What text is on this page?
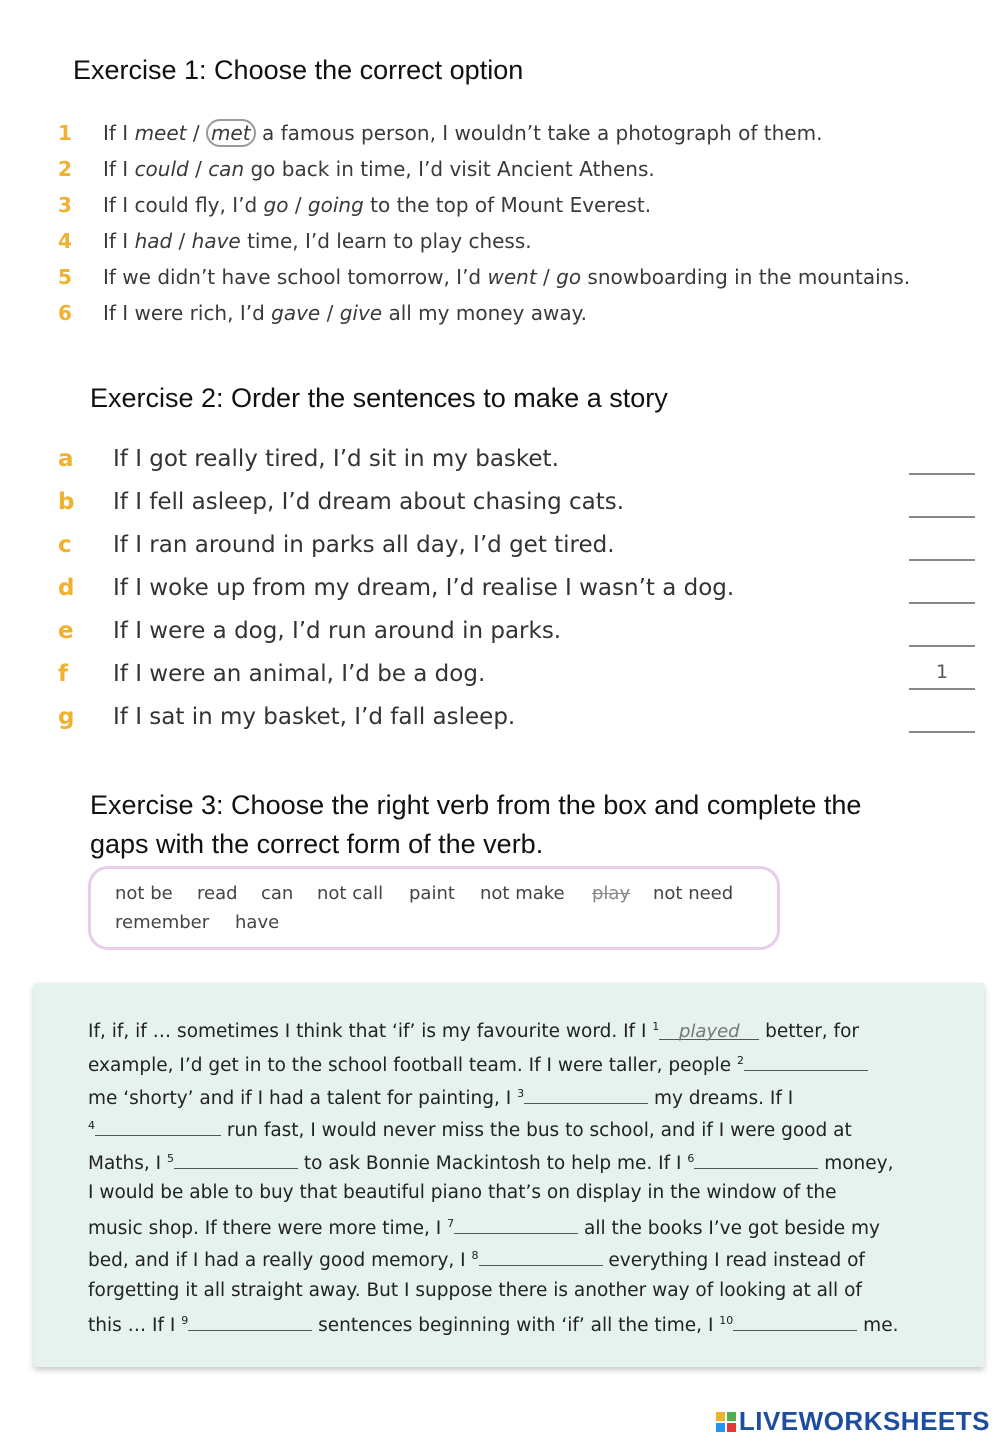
Exercise 1: Choose the correct option
1 If I meet / met a famous person, I wouldn’t take a photograph of them.
2 If I could / can go back in time, I’d visit Ancient Athens.
3 If I could fly, I’d go / going to the top of Mount Everest.
4 If I had / have time, I’d learn to play chess.
5 If we didn’t have school tomorrow, I’d went / go snowboarding in the mountains.
6 If I were rich, I’d gave / give all my money away.
Exercise 2: Order the sentences to make a story
a If I got really tired, I’d sit in my basket.
b If I fell asleep, I’d dream about chasing cats.
c If I ran around in parks all day, I’d get tired.
d If I woke up from my dream, I’d realise I wasn’t a dog.
e If I were a dog, I’d run around in parks.
f If I were an animal, I’d be a dog.	1
g If I sat in my basket, I’d fall asleep.
Exercise 3: Choose the right verb from the box and complete the
gaps with the correct form of the verb.
not be read can not call paint not make play not need
remember have
If, if, if … sometimes I think that ‘if’ is my favourite word. If I $^1$ played better, for
example, I’d get in to the school football team. If I were taller, people $^2$
me ‘shorty’ and if I had a talent for painting, I $^3$	my dreams. If I
$^4$	run fast, I would never miss the bus to school, and if I were good at
Maths, I $^5$	to ask Bonnie Mackintosh to help me. If I $^6$	money,
I would be able to buy that beautiful piano that’s on display in the window of the
music shop. If there were more time, I $^7$	all the books I’ve got beside my
bed, and if I had a really good memory, I $^8$	everything I read instead of
forgetting it all straight away. But I suppose there is another way of looking at all of
this … If I $^9$	sentences beginning with ‘if’ all the time, I $^{10}$	me.
LIVEWORKSHEETS
